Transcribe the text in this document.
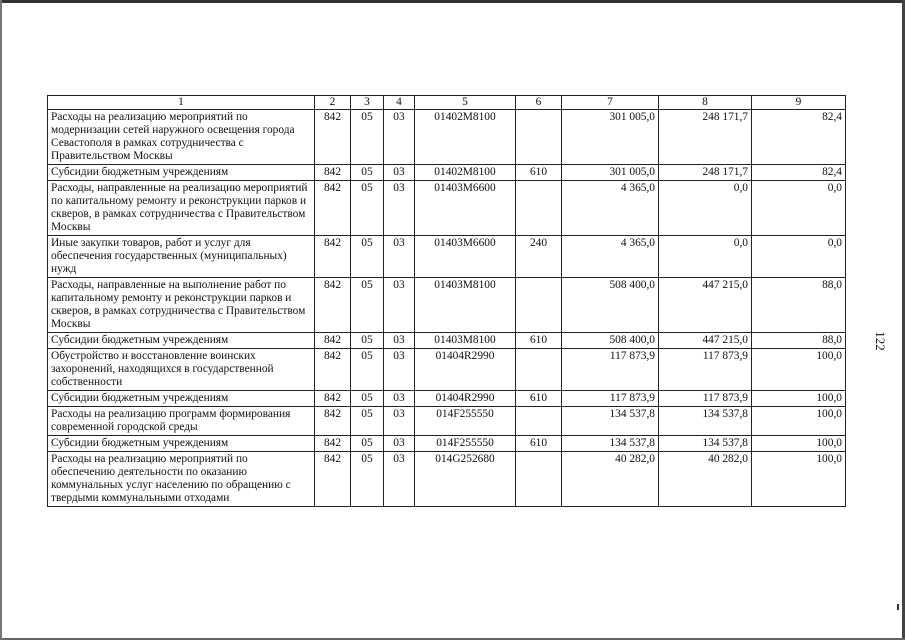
1	2	3	4	5	6	7	8	9
Расходы на реализацию мероприятий по модернизации сетей наружного освещения города Севастополя в рамках сотрудничества с Правительством Москвы	842	05	03	01402M8100		301 005,0	248 171,7	82,4
Субсидии бюджетным учреждениям	842	05	03	01402M8100	610	301 005,0	248 171,7	82,4
Расходы, направленные на реализацию мероприятий по капитальному ремонту и реконструкции парков и скверов, в рамках сотрудничества с Правительством Москвы	842	05	03	01403M6600		4 365,0	0,0	0,0
Иные закупки товаров, работ и услуг для обеспечения государственных (муниципальных) нужд	842	05	03	01403M6600	240	4 365,0	0,0	0,0
Расходы, направленные на выполнение работ по капитальному ремонту и реконструкции парков и скверов, в рамках сотрудничества с Правительством Москвы	842	05	03	01403M8100		508 400,0	447 215,0	88,0
Субсидии бюджетным учреждениям	842	05	03	01403M8100	610	508 400,0	447 215,0	88,0
Обустройство и восстановление воинских захоронений, находящихся в государственной собственности	842	05	03	01404R2990		117 873,9	117 873,9	100,0
Субсидии бюджетным учреждениям	842	05	03	01404R2990	610	117 873,9	117 873,9	100,0
Расходы на реализацию программ формирования современной городской среды	842	05	03	014F255550		134 537,8	134 537,8	100,0
Субсидии бюджетным учреждениям	842	05	03	014F255550	610	134 537,8	134 537,8	100,0
Расходы на реализацию мероприятий по обеспечению деятельности по оказанию коммунальных услуг населению по обращению с твердыми коммунальными отходами	842	05	03	014G252680		40 282,0	40 282,0	100,0
122
